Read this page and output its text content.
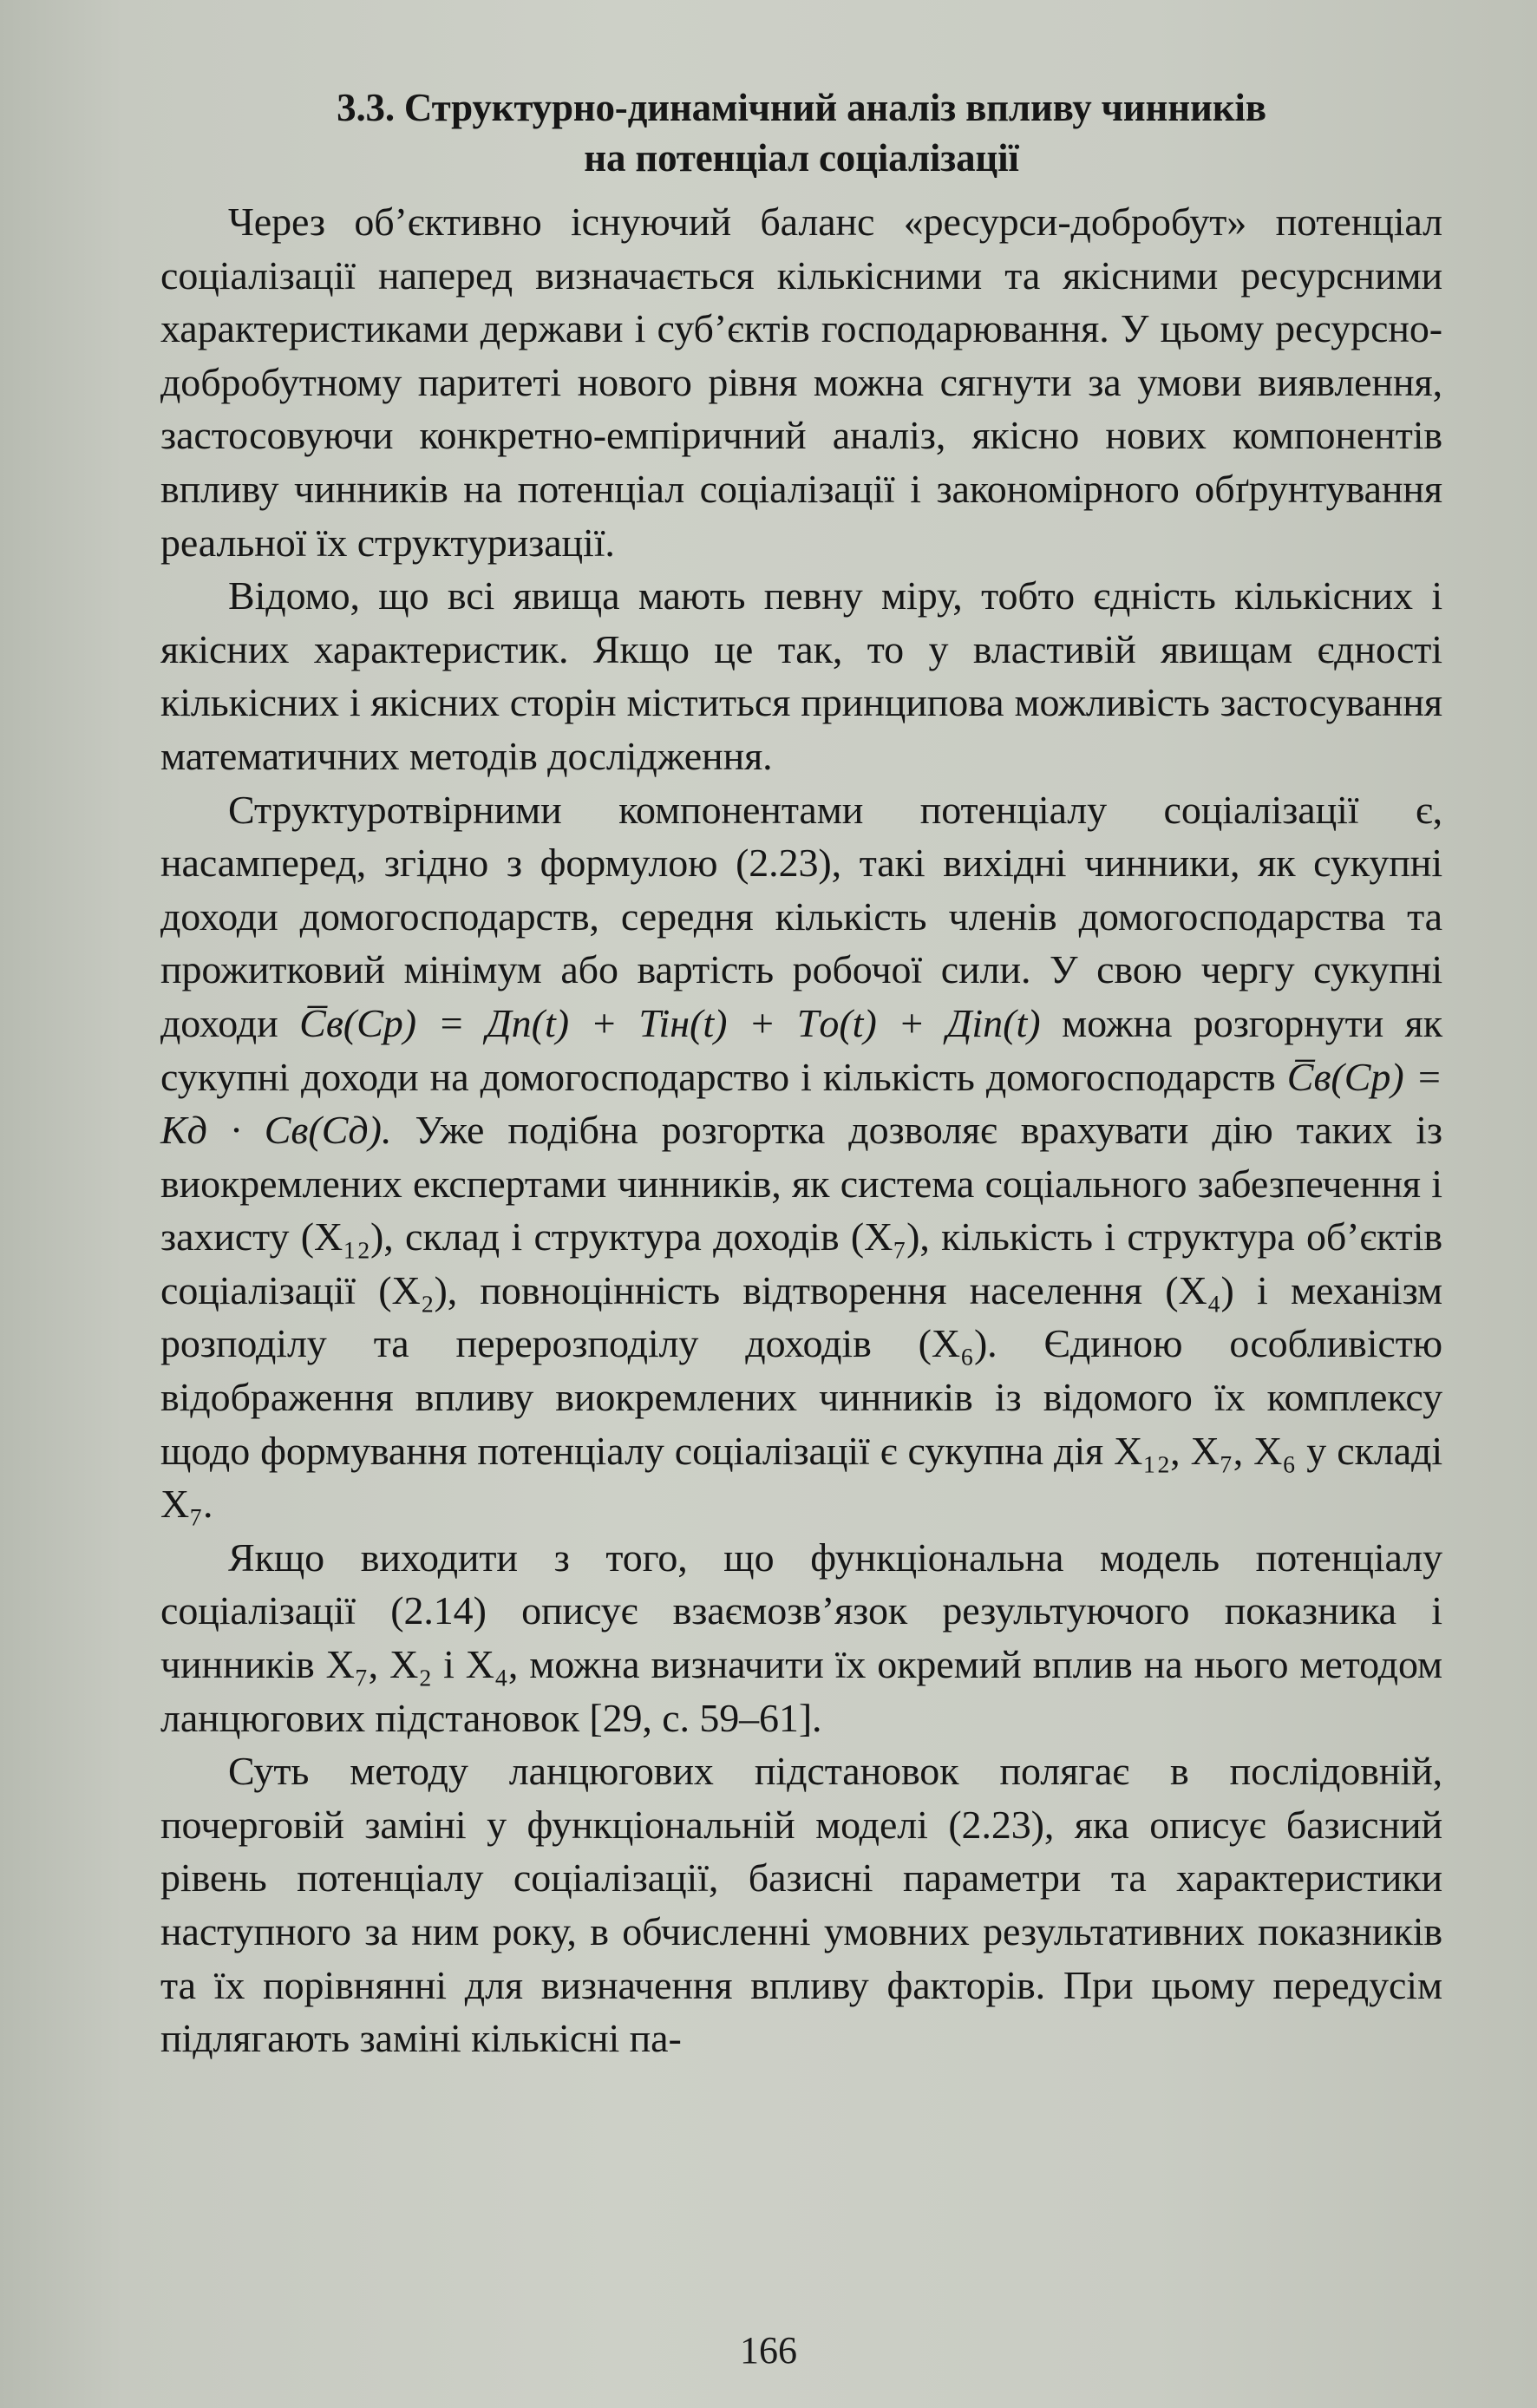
3.3. Структурно-динамічний аналіз впливу чинників
на потенціал соціалізації

Через об’єктивно існуючий баланс «ресурси-добробут» потенціал соціалізації наперед визначається кількісними та якісними ресурсними характеристиками держави і суб’єктів господарювання. У цьому ресурсно-добробутному паритеті нового рівня можна сягнути за умови виявлення, застосовуючи конкретно-емпіричний аналіз, якісно нових компонентів впливу чинників на потенціал соціалізації і закономірного обґрунтування реальної їх структуризації.

Відомо, що всі явища мають певну міру, тобто єдність кількісних і якісних характеристик. Якщо це так, то у властивій явищам єдності кількісних і якісних сторін міститься принципова можливість застосування математичних методів дослідження.

Структуротвірними компонентами потенціалу соціалізації є, насамперед, згідно з формулою (2.23), такі вихідні чинники, як сукупні доходи домогосподарств, середня кількість членів домогосподарства та прожитковий мінімум або вартість робочої сили. У свою чергу сукупні доходи C̅в(Cp) = Дп(t) + Tiн(t) + Tо(t) + Дiп(t) можна розгорнути як сукупні доходи на домогосподарство і кількість домогосподарств C̅в(Cp) = Kд · Cв(Cд). Уже подібна розгортка дозволяє врахувати дію таких із виокремлених експертами чинників, як система соціального забезпечення і захисту (X₁₂), склад і структура доходів (X₇), кількість і структура об’єктів соціалізації (X₂), повноцінність відтворення населення (X₄) і механізм розподілу та перерозподілу доходів (X₆). Єдиною особливістю відображення впливу виокремлених чинників із відомого їх комплексу щодо формування потенціалу соціалізації є сукупна дія X₁₂, X₇, X₆ у складі X₇.

Якщо виходити з того, що функціональна модель потенціалу соціалізації (2.14) описує взаємозв’язок результуючого показника і чинників X₇, X₂ і X₄, можна визначити їх окремий вплив на нього методом ланцюгових підстановок [29, с. 59–61].

Суть методу ланцюгових підстановок полягає в послідовній, почерговій заміні у функціональній моделі (2.23), яка описує базисний рівень потенціалу соціалізації, базисні параметри та характеристики наступного за ним року, в обчисленні умовних результативних показників та їх порівнянні для визначення впливу факторів. При цьому передусім підлягають заміні кількісні па-

166
